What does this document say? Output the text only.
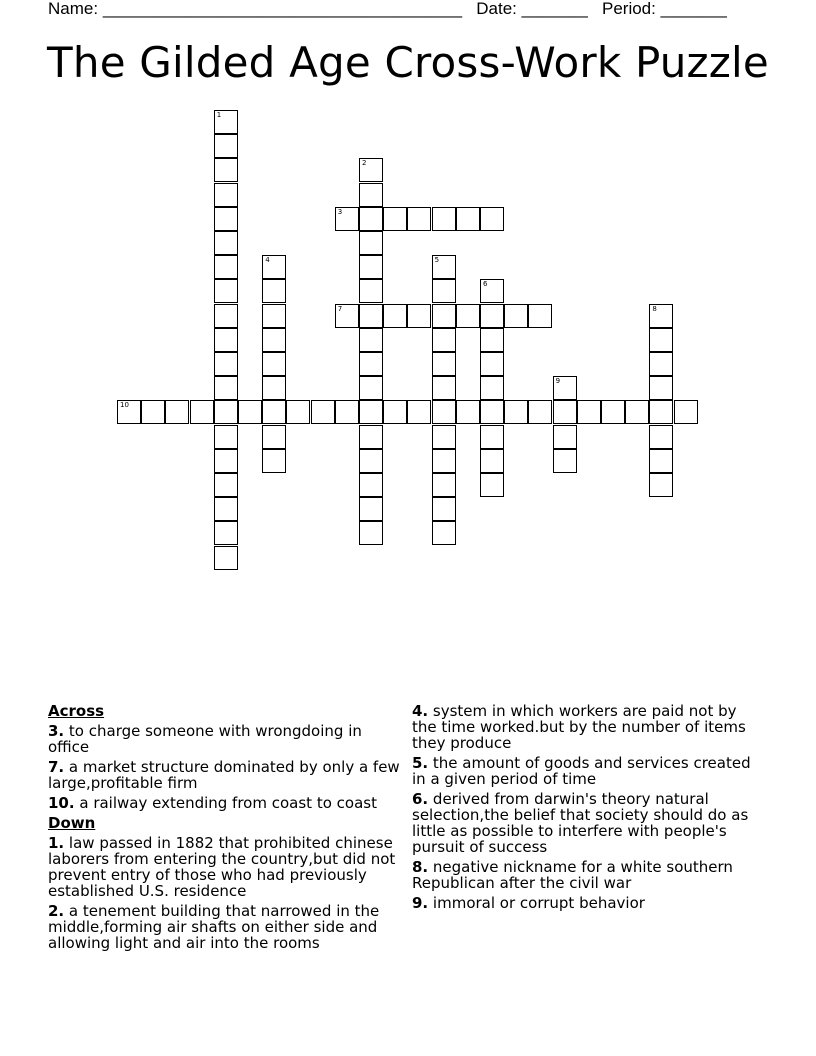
Name: ______________________________________ Date: _______ Period: _______
The Gilded Age Cross-Work Puzzle
1
2
3
4	5
6
7	8
9
10
Across
3. to charge someone with wrongdoing in office
7. a market structure dominated by only a few large,profitable firm
10. a railway extending from coast to coast
Down
1. law passed in 1882 that prohibited chinese laborers from entering the country,but did not prevent entry of those who had previously established U.S. residence
2. a tenement building that narrowed in the middle,forming air shafts on either side and allowing light and air into the rooms
4. system in which workers are paid not by the time worked.but by the number of items they produce
5. the amount of goods and services created in a given period of time
6. derived from darwin's theory natural selection,the belief that society should do as little as possible to interfere with people's pursuit of success
8. negative nickname for a white southern Republican after the civil war
9. immoral or corrupt behavior
